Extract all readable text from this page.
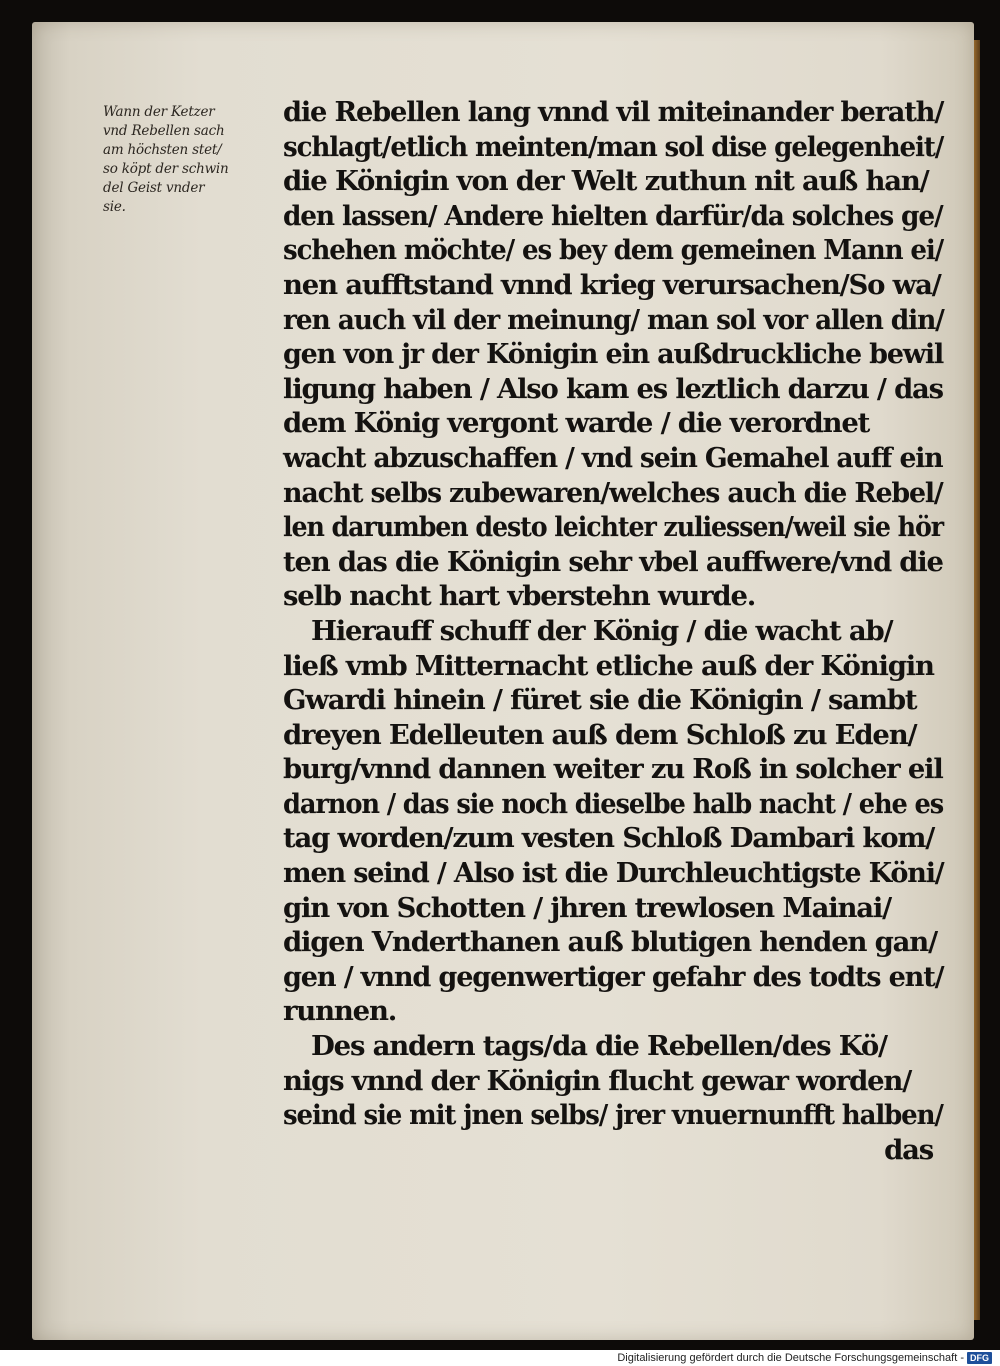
Wann der Ketzer
vnd Rebellen sach
am höchsten stet/
so köpt der schwin
del Geist vnder
sie.
die Rebellen lang vnnd vil miteinander berath/
schlagt/etlich meinten/man sol dise gelegenheit/
die Königin von der Welt zuthun nit auß han/
den lassen/ Andere hielten darfür/da solches ge/
schehen möchte/ es bey dem gemeinen Mann ei/
nen aufftstand vnnd krieg verursachen/So wa/
ren auch vil der meinung/ man sol vor allen din/
gen von jr der Königin ein außdruckliche bewil
ligung haben / Also kam es leztlich darzu / das
dem König vergont warde / die verordnet
wacht abzuschaffen / vnd sein Gemahel auff ein
nacht selbs zubewaren/welches auch die Rebel/
len darumben desto leichter zuliessen/weil sie hör
ten das die Königin sehr vbel auffwere/vnd die
selb nacht hart vberstehn wurde.
Hierauff schuff der König / die wacht ab/
ließ vmb Mitternacht etliche auß der Königin
Gwardi hinein / füret sie die Königin / sambt
dreyen Edelleuten auß dem Schloß zu Eden/
burg/vnnd dannen weiter zu Roß in solcher eil
darnon / das sie noch dieselbe halb nacht / ehe es
tag worden/zum vesten Schloß Dambari kom/
men seind / Also ist die Durchleuchtigste Köni/
gin von Schotten / jhren trewlosen Mainai/
digen Vnderthanen auß blutigen henden gan/
gen / vnnd gegenwertiger gefahr des todts ent/
runnen.
Des andern tags/da die Rebellen/des Kö/
nigs vnnd der Königin flucht gewar worden/
seind sie mit jnen selbs/ jrer vnuernunfft halben/
das
Digitalisierung gefördert durch die Deutsche Forschungsgemeinschaft - DFG
